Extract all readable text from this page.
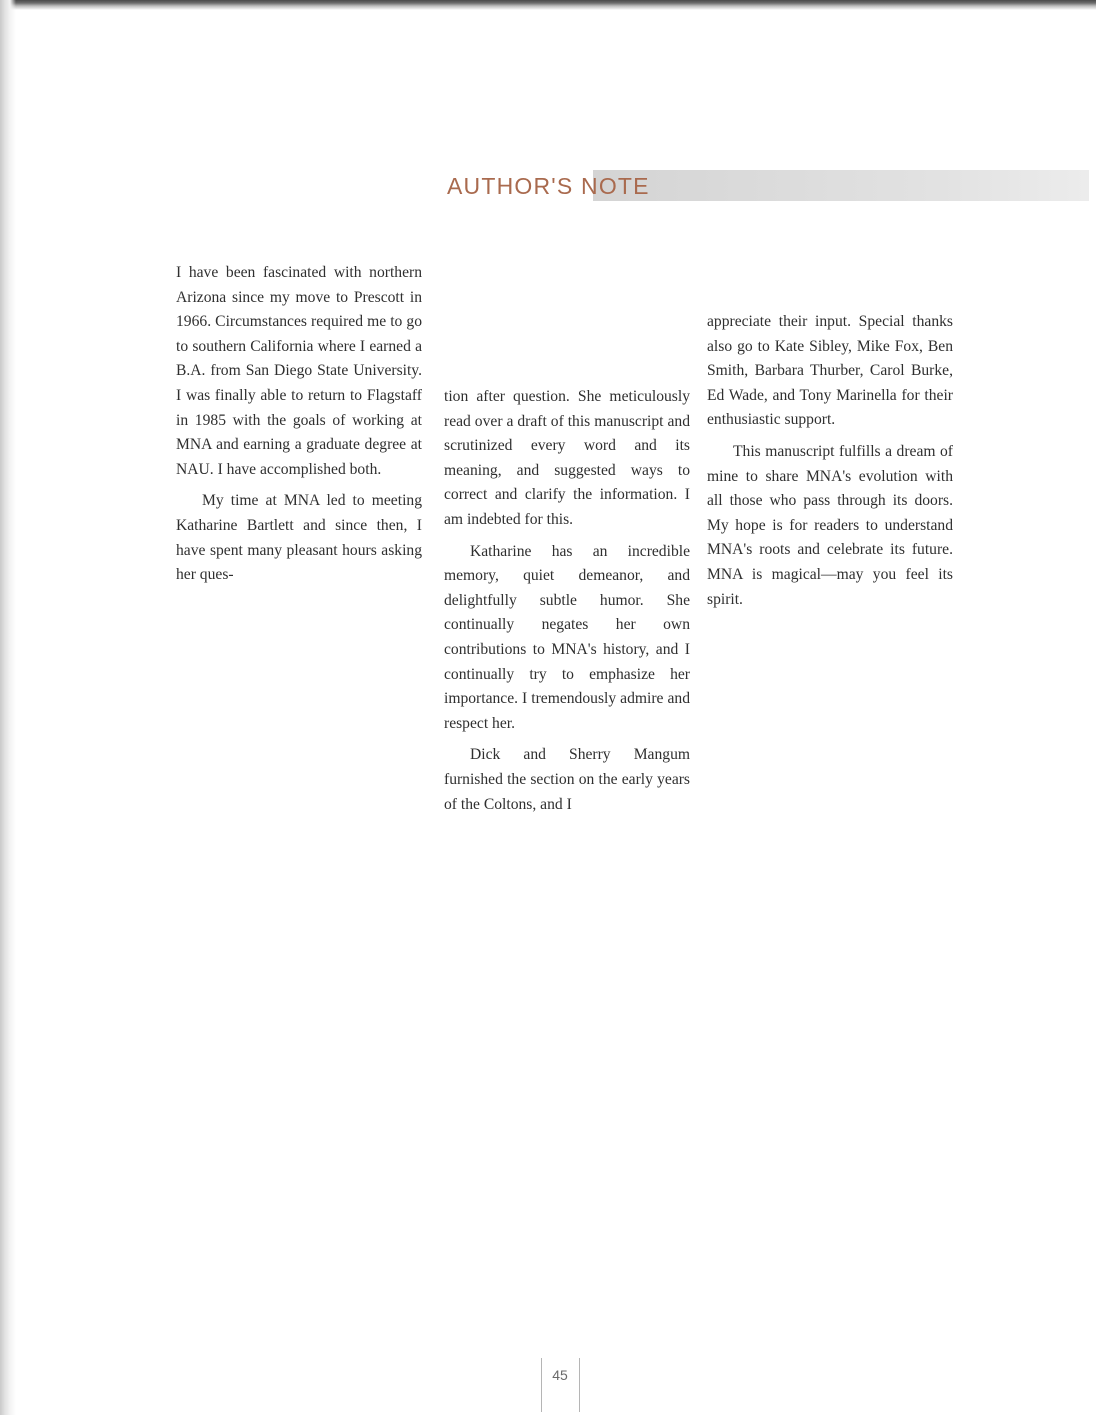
AUTHOR'S NOTE

I have been fascinated with northern Arizona since my move to Prescott in 1966. Circumstances required me to go to southern California where I earned a B.A. from San Diego State University. I was finally able to return to Flagstaff in 1985 with the goals of working at MNA and earning a graduate degree at NAU. I have accomplished both.

My time at MNA led to meeting Katharine Bartlett and since then, I have spent many pleasant hours asking her ques-

tion after question. She meticulously read over a draft of this manuscript and scrutinized every word and its meaning, and suggested ways to correct and clarify the information. I am indebted for this.

Katharine has an incredible memory, quiet demeanor, and delightfully subtle humor. She continually negates her own contributions to MNA's history, and I continually try to emphasize her importance. I tremendously admire and respect her.

Dick and Sherry Mangum furnished the section on the early years of the Coltons, and I

appreciate their input. Special thanks also go to Kate Sibley, Mike Fox, Ben Smith, Barbara Thurber, Carol Burke, Ed Wade, and Tony Marinella for their enthusiastic support.

This manuscript fulfills a dream of mine to share MNA's evolution with all those who pass through its doors. My hope is for readers to understand MNA's roots and celebrate its future. MNA is magical—may you feel its spirit.

45
